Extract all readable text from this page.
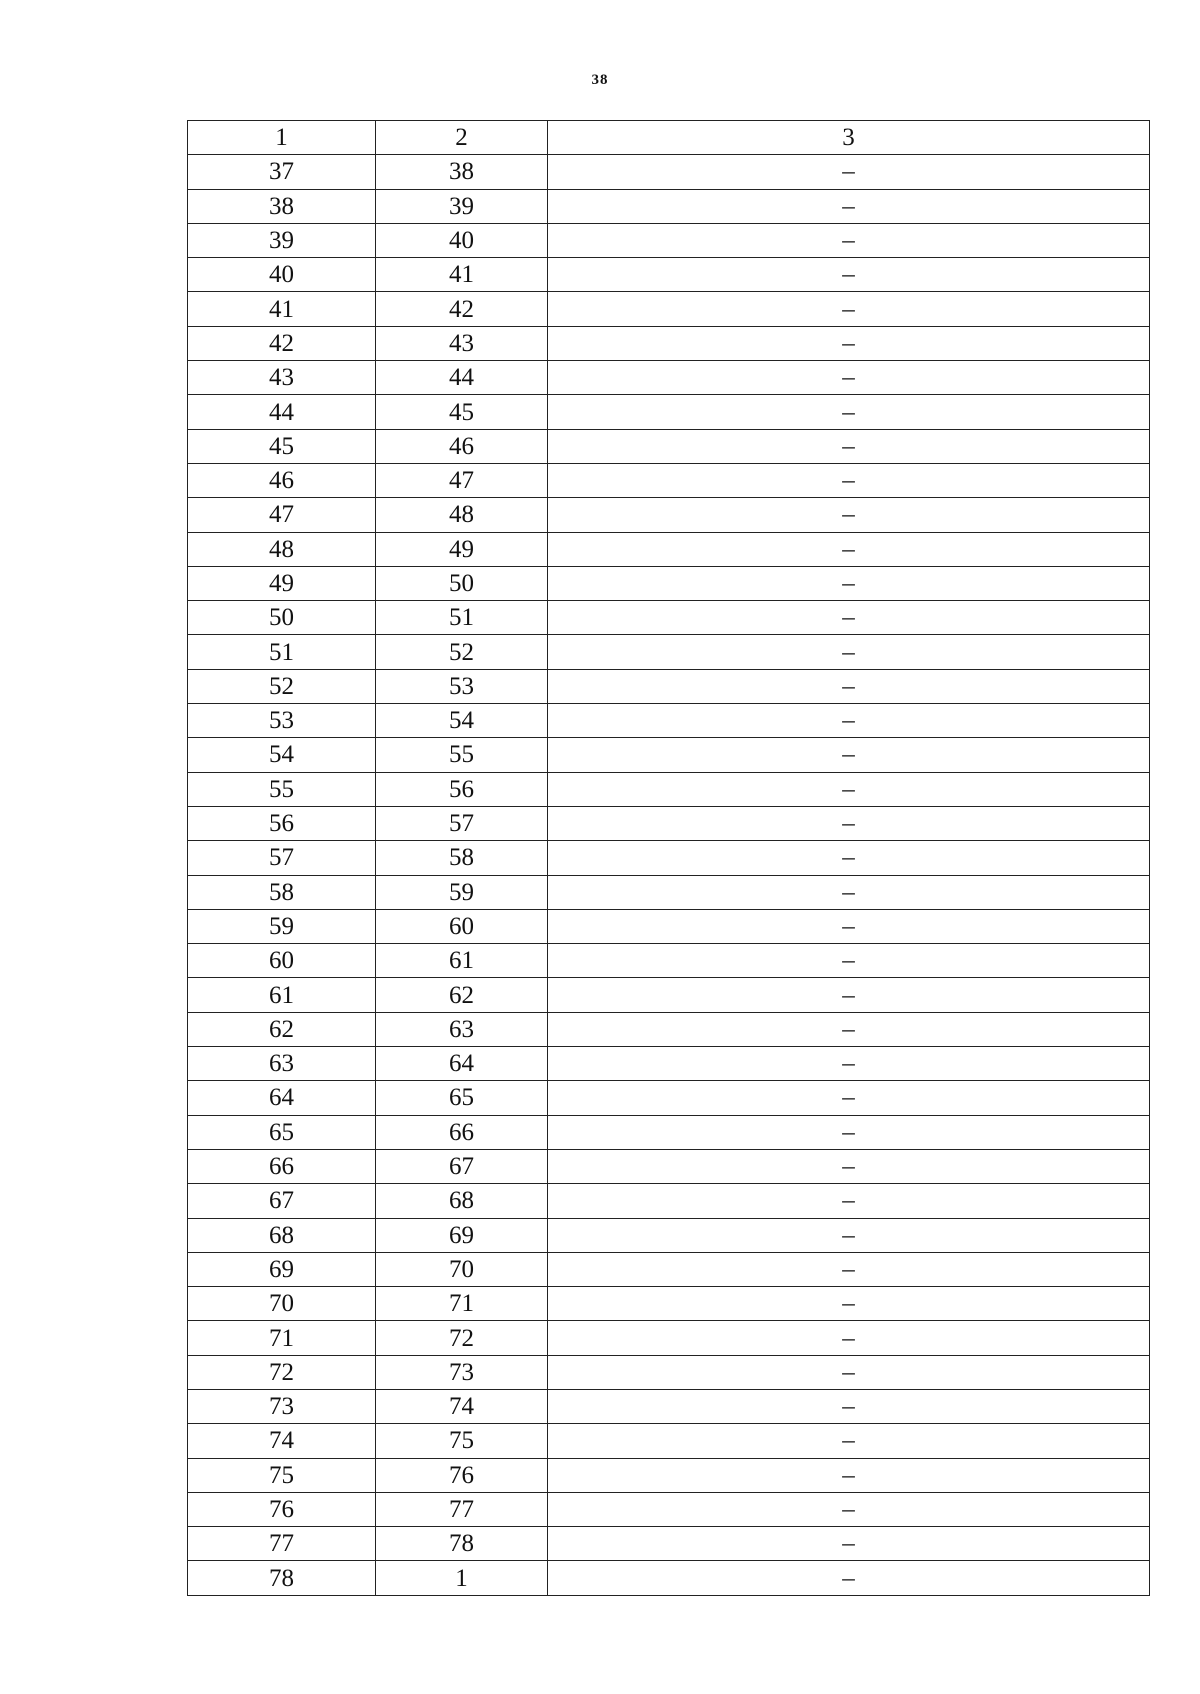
38
1	2	3
37	38	–
38	39	–
39	40	–
40	41	–
41	42	–
42	43	–
43	44	–
44	45	–
45	46	–
46	47	–
47	48	–
48	49	–
49	50	–
50	51	–
51	52	–
52	53	–
53	54	–
54	55	–
55	56	–
56	57	–
57	58	–
58	59	–
59	60	–
60	61	–
61	62	–
62	63	–
63	64	–
64	65	–
65	66	–
66	67	–
67	68	–
68	69	–
69	70	–
70	71	–
71	72	–
72	73	–
73	74	–
74	75	–
75	76	–
76	77	–
77	78	–
78	1	–
